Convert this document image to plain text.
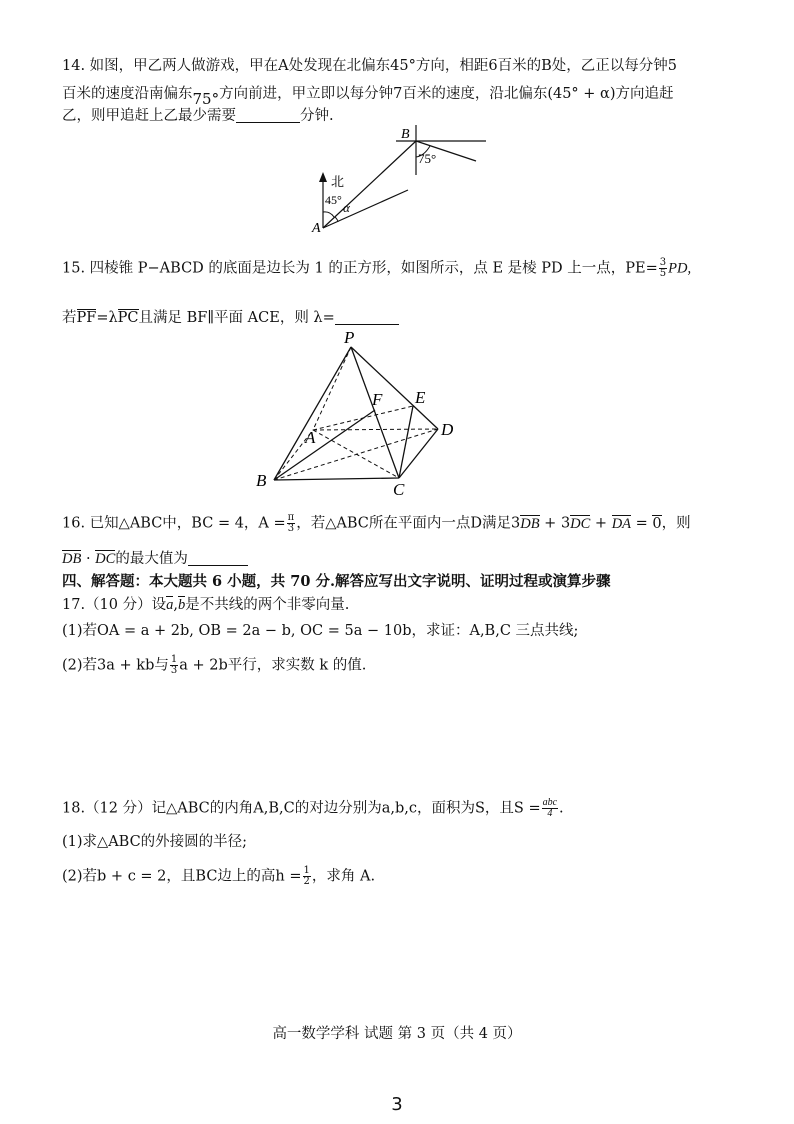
14. 如图，甲乙两人做游戏，甲在A处发现在北偏东45°方向，相距6百米的B处，乙正以每分钟5
百米的速度沿南偏东75°方向前进，甲立即以每分钟7百米的速度，沿北偏东(45° + α)方向追赶
乙，则甲追赶上乙最少需要	分钟.
B
75°
北
45° α
A
15. 四棱锥 P−ABCD 的底面是边长为 1 的正方形，如图所示，点 E 是棱 PD 上一点，$PE= \frac{3}{5}$ PD,
若PF=λPC且满足 BF∥平面 ACE，则 λ=
P
E
F
A	D
B	C
16. 已知△ABC中，BC = 4，$A = \frac{\pi}{3}$ ，若△ABC所在平面内一点D满足3DB + 3DC + DA = 0，则
DB · DC的最大值为
四、解答题：本大题共 6 小题，共 70 分.解答应写出文字说明、证明过程或演算步骤
17.（10 分）设a,b是不共线的两个非零向量.
(1)若OA = a + 2b, OB = 2a − b, OC = 5a − 10b，求证：A,B,C 三点共线;
(2)若3a + kb与 $\frac{1}{3}$ a + 2b平行，求实数 k 的值.
18.（12 分）记△ABC的内角A,B,C的对边分别为a,b,c，面积为S，且$S = \frac{\text{abc}}{4}$ .
(1)求△ABC的外接圆的半径;
(2)若b + c = 2，且BC边上的高$h = \frac{1}{2}$ ，求角 A.
高一数学学科 试题 第 3 页（共 4 页）
3
